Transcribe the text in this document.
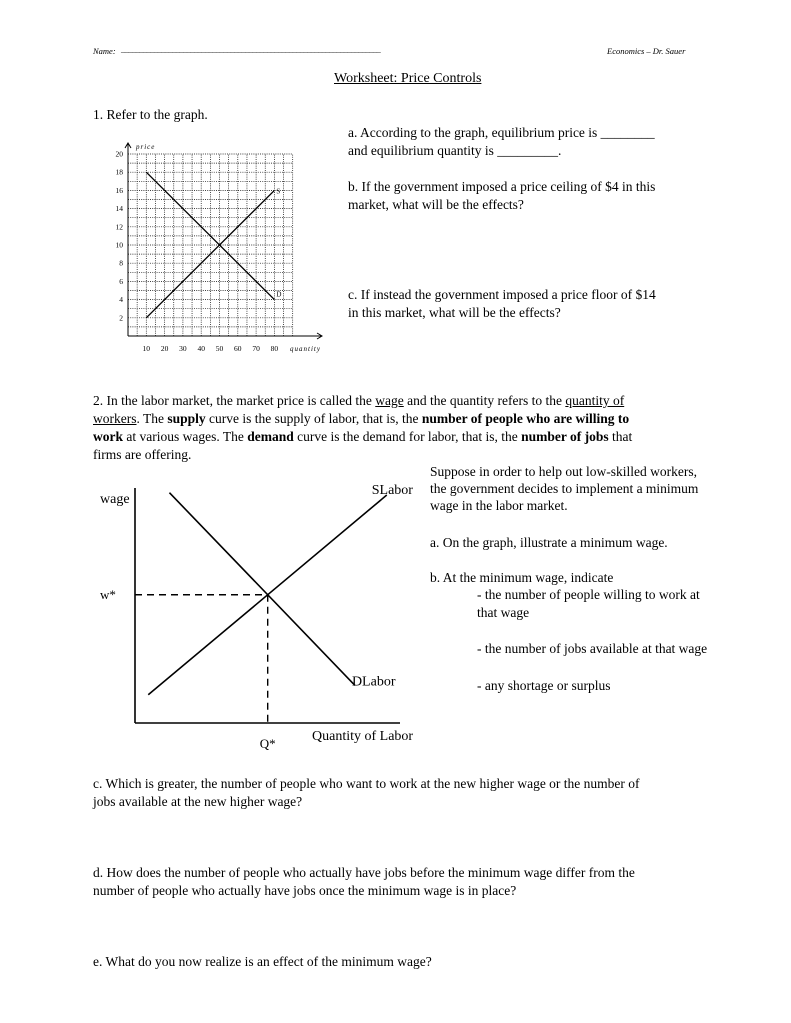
Name: _______________________________________________________________________	Economics – Dr. Sauer
Worksheet: Price Controls
1. Refer to the graph.
a. According to the graph, equilibrium price is ________
and equilibrium quantity is _________.
b. If the government imposed a price ceiling of $4 in this
market, what will be the effects?
c. If instead the government imposed a price floor of $14
in this market, what will be the effects?
price
quantity
10 20 30 40 50 60 70 80
2
4
6
8
10
12
14
16
18
20
S
D
2. In the labor market, the market price is called the wage and the quantity refers to the quantity of
workers. The supply curve is the supply of labor, that is, the number of people who are willing to
work at various wages. The demand curve is the demand for labor, that is, the number of jobs that
firms are offering.
Suppose in order to help out low-skilled workers,
the government decides to implement a minimum
wage in the labor market.
a. On the graph, illustrate a minimum wage.
b. At the minimum wage, indicate
- the number of people willing to work at
that wage
- the number of jobs available at that wage
- any shortage or surplus
wage
Quantity of Labor
SLabor
DLabor
w*
Q*
c. Which is greater, the number of people who want to work at the new higher wage or the number of
jobs available at the new higher wage?
d. How does the number of people who actually have jobs before the minimum wage differ from the
number of people who actually have jobs once the minimum wage is in place?
e. What do you now realize is an effect of the minimum wage?
